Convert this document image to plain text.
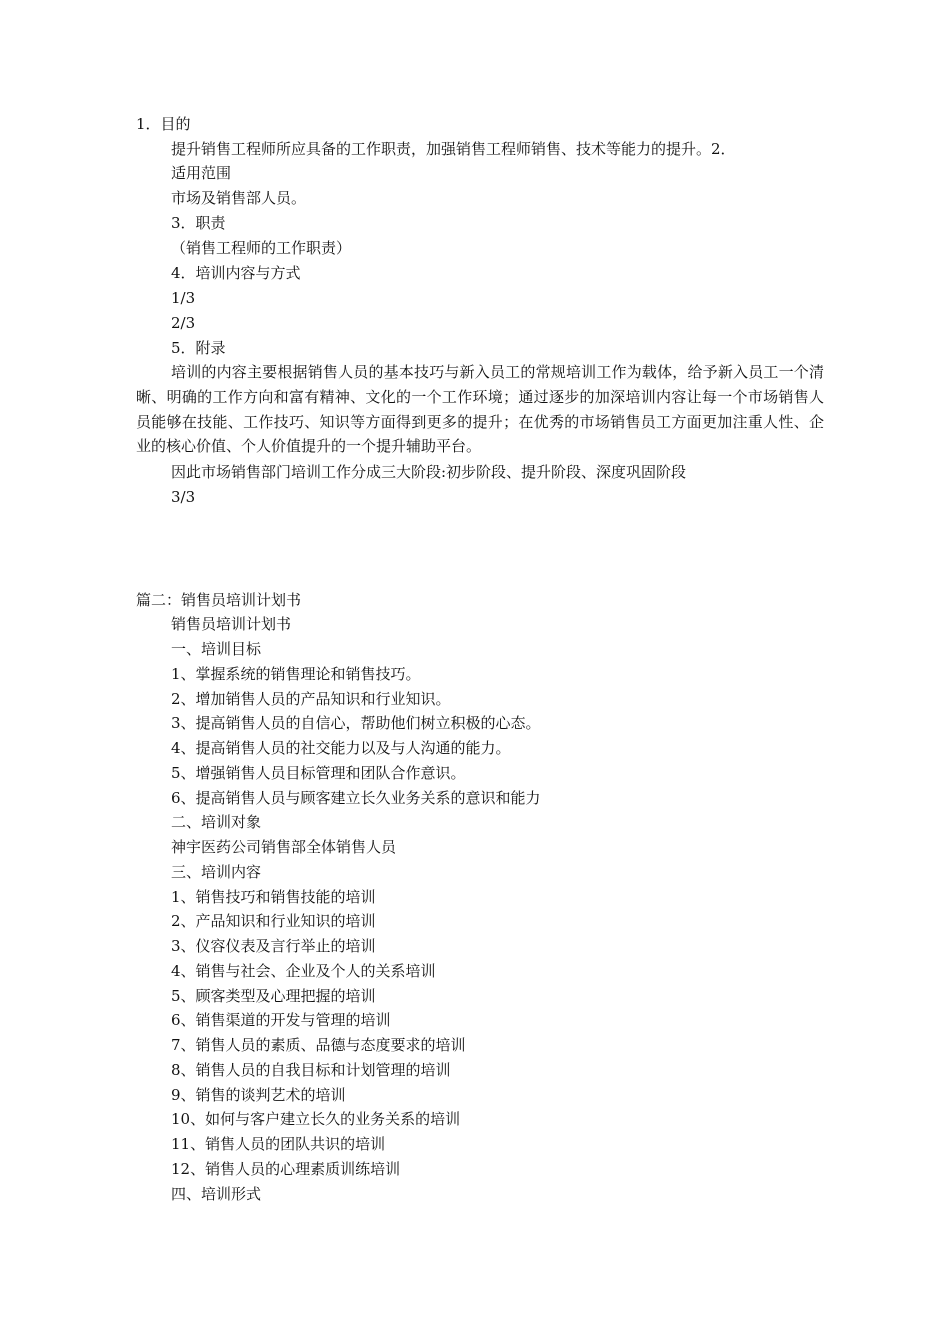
1．目的
提升销售工程师所应具备的工作职责，加强销售工程师销售、技术等能力的提升。2．
适用范围
市场及销售部人员。
3．职责
（销售工程师的工作职责）
4．培训内容与方式
1/3
2/3
5．附录
培训的内容主要根据销售人员的基本技巧与新入员工的常规培训工作为载体，给予新入员工一个清晰、明确的工作方向和富有精神、文化的一个工作环境；通过逐步的加深培训内容让每一个市场销售人员能够在技能、工作技巧、知识等方面得到更多的提升；在优秀的市场销售员工方面更加注重人性、企业的核心价值、个人价值提升的一个提升辅助平台。
因此市场销售部门培训工作分成三大阶段:初步阶段、提升阶段、深度巩固阶段
3/3
篇二：销售员培训计划书
销售员培训计划书
一、培训目标
1、掌握系统的销售理论和销售技巧。
2、增加销售人员的产品知识和行业知识。
3、提高销售人员的自信心，帮助他们树立积极的心态。
4、提高销售人员的社交能力以及与人沟通的能力。
5、增强销售人员目标管理和团队合作意识。
6、提高销售人员与顾客建立长久业务关系的意识和能力
二、培训对象
神宇医药公司销售部全体销售人员
三、培训内容
1、销售技巧和销售技能的培训
2、产品知识和行业知识的培训
3、仪容仪表及言行举止的培训
4、销售与社会、企业及个人的关系培训
5、顾客类型及心理把握的培训
6、销售渠道的开发与管理的培训
7、销售人员的素质、品德与态度要求的培训
8、销售人员的自我目标和计划管理的培训
9、销售的谈判艺术的培训
10、如何与客户建立长久的业务关系的培训
11、销售人员的团队共识的培训
12、销售人员的心理素质训练培训
四、培训形式
